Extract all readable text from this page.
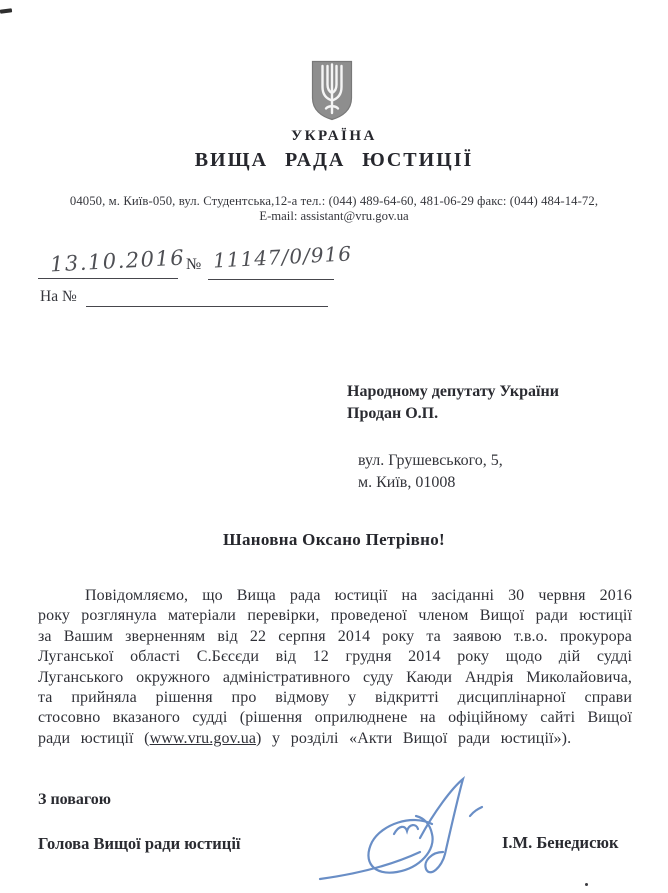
УКРАЇНА
ВИЩА РАДА ЮСТИЦІЇ
04050, м. Київ-050, вул. Студентська,12-а тел.: (044) 489-64-60, 481-06-29 факс: (044) 484-14-72,
E-mail: assistant@vru.gov.ua
13.10.2016 № 11147/0/916
На №
Народному депутату України
Продан О.П.
вул. Грушевського, 5,
м. Київ, 01008
Шановна Оксано Петрівно!

Повідомляємо, що Вища рада юстиції на засіданні 30 червня 2016 року розглянула матеріали перевірки, проведеної членом Вищої ради юстиції за Вашим зверненням від 22 серпня 2014 року та заявою т.в.о. прокурора Луганської області С.Бєсєди від 12 грудня 2014 року щодо дій судді Луганського окружного адміністративного суду Каюди Андрія Миколайовича, та прийняла рішення про відмову у відкритті дисциплінарної справи стосовно вказаного судді (рішення оприлюднене на офіційному сайті Вищої ради юстиції (www.vru.gov.ua) у розділі «Акти Вищої ради юстиції»).

З повагою
Голова Вищої ради юстиції	І.М. Бенедисюк
